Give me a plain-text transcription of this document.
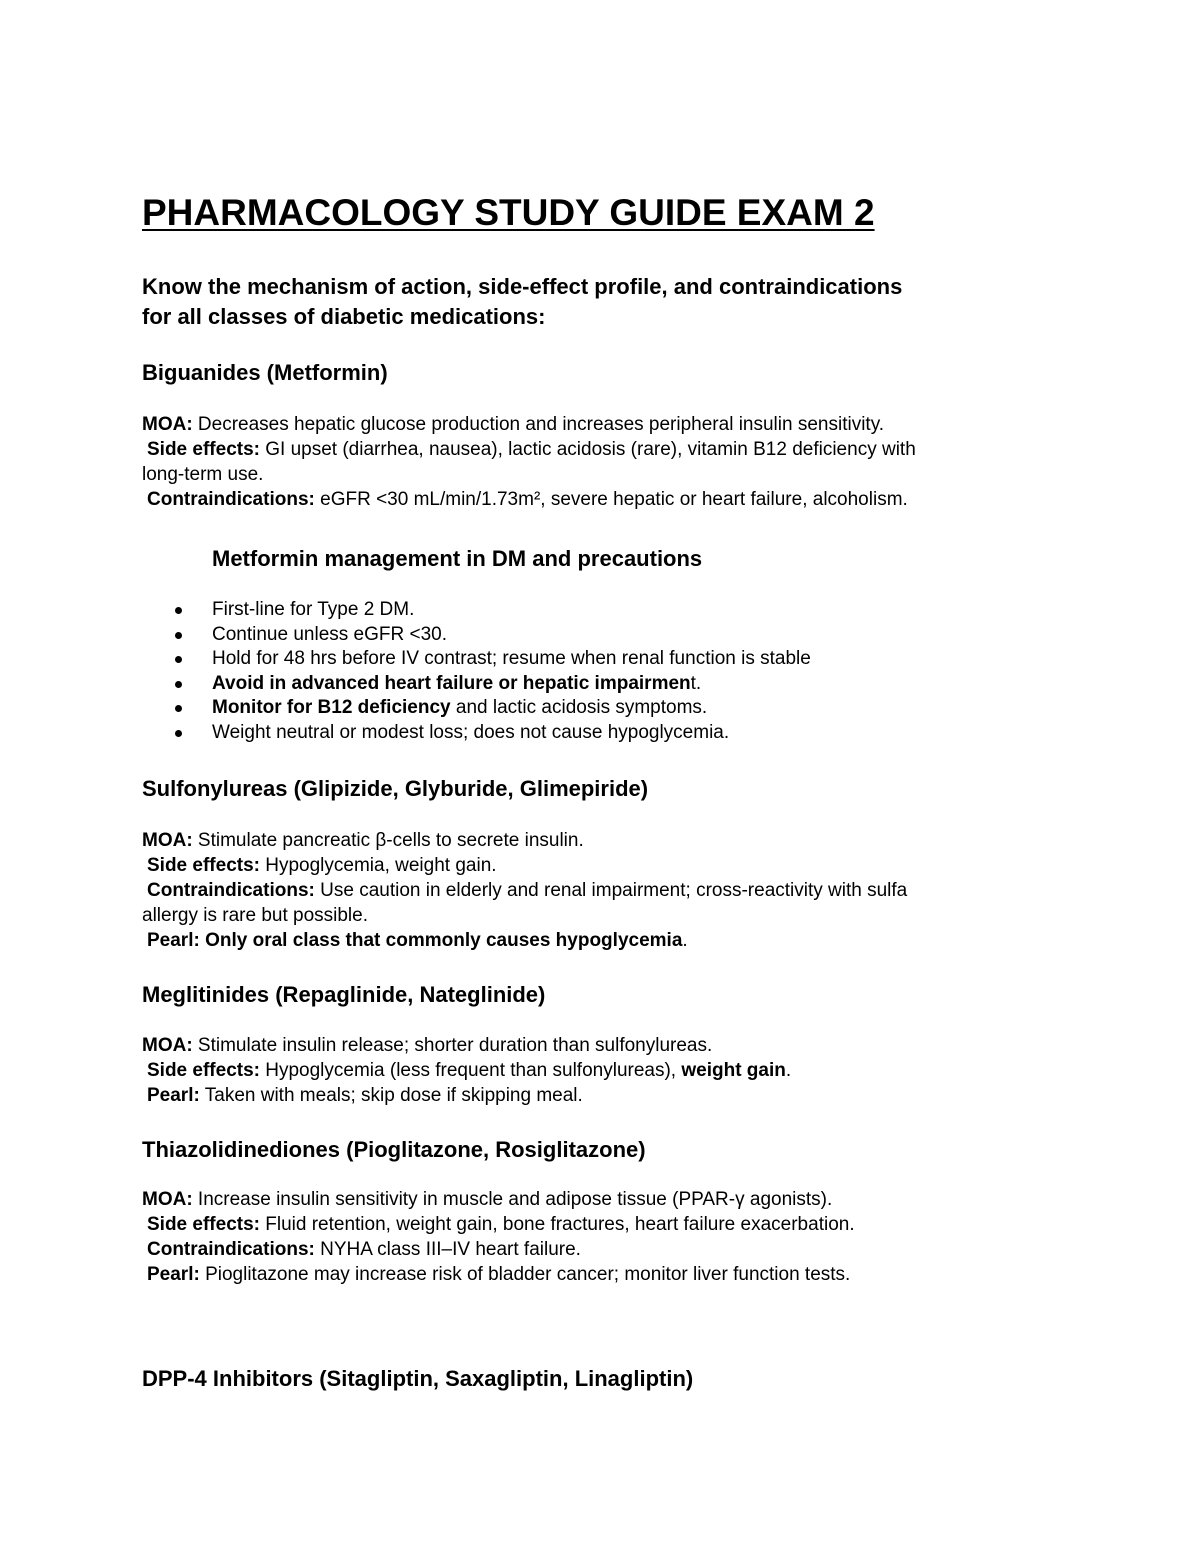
PHARMACOLOGY STUDY GUIDE EXAM 2
Know the mechanism of action, side-effect profile, and contraindications
for all classes of diabetic medications:
Biguanides (Metformin)
MOA: Decreases hepatic glucose production and increases peripheral insulin sensitivity.
Side effects: GI upset (diarrhea, nausea), lactic acidosis (rare), vitamin B12 deficiency with
long-term use.
Contraindications: eGFR <30 mL/min/1.73m², severe hepatic or heart failure, alcoholism.
Metformin management in DM and precautions
First-line for Type 2 DM.
Continue unless eGFR <30.
Hold for 48 hrs before IV contrast; resume when renal function is stable
Avoid in advanced heart failure or hepatic impairment.
Monitor for B12 deficiency and lactic acidosis symptoms.
Weight neutral or modest loss; does not cause hypoglycemia.
Sulfonylureas (Glipizide, Glyburide, Glimepiride)
MOA: Stimulate pancreatic β-cells to secrete insulin.
Side effects: Hypoglycemia, weight gain.
Contraindications: Use caution in elderly and renal impairment; cross-reactivity with sulfa
allergy is rare but possible.
Pearl: Only oral class that commonly causes hypoglycemia.
Meglitinides (Repaglinide, Nateglinide)
MOA: Stimulate insulin release; shorter duration than sulfonylureas.
Side effects: Hypoglycemia (less frequent than sulfonylureas), weight gain.
Pearl: Taken with meals; skip dose if skipping meal.
Thiazolidinediones (Pioglitazone, Rosiglitazone)
MOA: Increase insulin sensitivity in muscle and adipose tissue (PPAR-γ agonists).
Side effects: Fluid retention, weight gain, bone fractures, heart failure exacerbation.
Contraindications: NYHA class III–IV heart failure.
Pearl: Pioglitazone may increase risk of bladder cancer; monitor liver function tests.
DPP-4 Inhibitors (Sitagliptin, Saxagliptin, Linagliptin)
